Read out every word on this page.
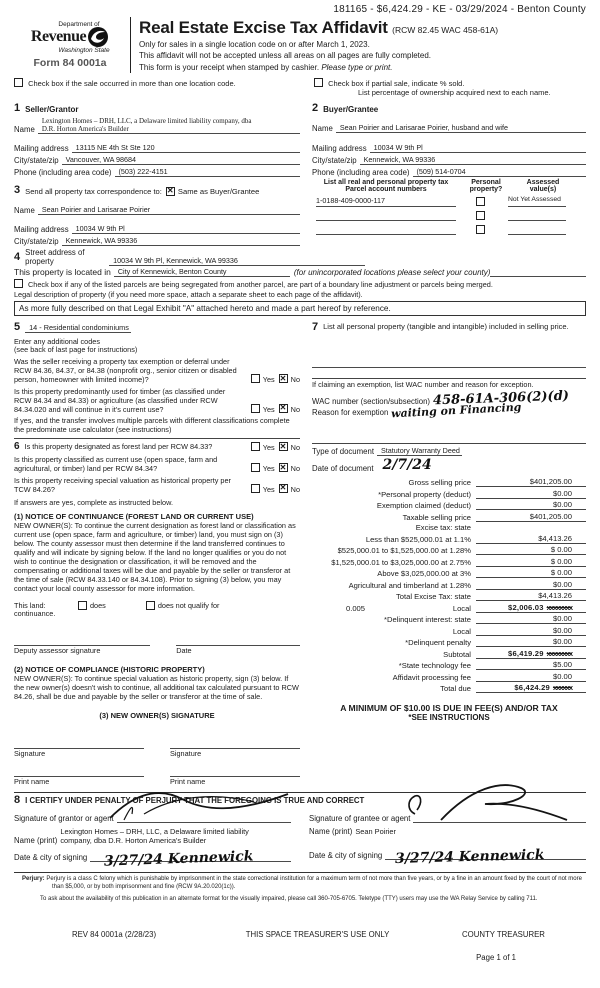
181165 - $6,424.29 - KE - 03/29/2024 - Benton County
Department of
Revenue
Washington State
Form 84 0001a
Real Estate Excise Tax Affidavit (RCW 82.45 WAC 458-61A)
Only for sales in a single location code on or after March 1, 2023.
This affidavit will not be accepted unless all areas on all pages are fully completed.
This form is your receipt when stamped by cashier. Please type or print.
Check box if the sale occurred in more than one location code.	Check box if partial sale, indicate % sold.
List percentage of ownership acquired next to each name.
1 Seller/Grantor
Name
Lexington Homes – DRH, LLC, a Delaware limited liability company, dba
D.R. Horton America's Builder
Mailing address 13115 NE 4th St Ste 120
City/state/zip Vancouver, WA 98684
Phone (including area code) (503) 222-4151
3 Send all property tax correspondence to: ✕ Same as Buyer/Grantee
Name Sean Poirier and Larisarae Poirier
Mailing address 10034 W 9th Pl
City/state/zip Kennewick, WA 99336
2 Buyer/Grantee
Name Sean Poirier and Larisarae Poirier, husband and wife
Mailing address 10034 W 9th Pl
City/state/zip Kennewick, WA 99336
Phone (including area code) (509) 514-0704
List all real and personal property tax
Parcel account numbers
Personal
property?
Assessed
value(s)
1-0188-409-0000-117	Not Yet Assessed
4 Street address of
property	10034 W 9th Pl, Kennewick, WA 99336
This property is located in City of Kennewick, Benton County	(for unincorporated locations please select your county)
Check box if any of the listed parcels are being segregated from another parcel, are part of a boundary line adjustment or parcels being merged.
Legal description of property (if you need more space, attach a separate sheet to each page of the affidavit).
As more fully described on that Legal Exhibit "A" attached hereto and made a part hereof by reference.
5	14 - Residential condominiums
Enter any additional codes
(see back of last page for instructions)
Was the seller receiving a property tax exemption or deferral under RCW 84.36, 84.37, or 84.38 (nonprofit org., senior citizen or disabled person, homeowner with limited income)?	Yes ✕ No
Is this property predominantly used for timber (as classified under RCW 84.34 and 84.33) or agriculture (as classified under RCW 84.34.020 and will continue in it's current use?	Yes ✕ No
If yes, and the transfer involves multiple parcels with different classifications complete the predominate use calculator (see instructions)
6 Is this property designated as forest land per RCW 84.33?	Yes ✕ No
Is this property classified as current use (open space, farm and agricultural, or timber) land per RCW 84.34?	Yes ✕ No
Is this property receiving special valuation as historical property per TCW 84.26?	Yes ✕ No
If answers are yes, complete as instructed below.
(1) NOTICE OF CONTINUANCE (FOREST LAND OR CURRENT USE)
NEW OWNER(S): To continue the current designation as forest land or classification as current use (open space, farm and agriculture, or timber) land, you must sign on (3) below. The county assessor must then determine if the land transferred continues to qualify and will indicate by signing below. If the land no longer qualifies or you do not wish to continue the designation or classification, it will be removed and the compensating or additional taxes will be due and payable by the seller or transferor at the time of sale (RCW 84.33.140 or 84.34.108). Prior to signing (3) below, you may contact your local county assessor for more information.
This land:	does	does not qualify for
continuance.
Deputy assessor signature	Date
(2) NOTICE OF COMPLIANCE (HISTORIC PROPERTY)
NEW OWNER(S): To continue special valuation as historic property, sign (3) below. If the new owner(s) doesn't wish to continue, all additional tax calculated pursuant to RCW 84.26, shall be due and payable by the seller or transferor at the time of sale.
(3) NEW OWNER(S) SIGNATURE
Signature	Signature
Print name	Print name
7 List all personal property (tangible and intangible) included in selling price.
If claiming an exemption, list WAC number and reason for exception.
WAC number (section/subsection) 458-61A-306(2)(d)
Reason for exemption waiting on Financing
Type of document Statutory Warranty Deed
Date of document 2/7/24
Gross selling price	$401,205.00
*Personal property (deduct)	$0.00
Exemption claimed (deduct)	$0.00
Taxable selling price	$401,205.00
Excise tax: state
Less than $525,000.01 at 1.1%	$4,413.26
$525,000.01 to $1,525,000.00 at 1.28%	$ 0.00
$1,525,000.01 to $3,025,000.00 at 2.75%	$ 0.00
Above $3,025,000.00 at 3%	$ 0.00
Agricultural and timberland at 1.28%	$0.00
Total Excise Tax: state	$4,413.26
0.005	Local	$2,006.03 xxxxxxxx
*Delinquent interest: state	$0.00
Local	$0.00
*Delinquent penalty	$0.00
Subtotal	$6,419.29 xxxxxxxx
*State technology fee	$5.00
Affidavit processing fee	$0.00
Total due	$6,424.29 xxxxxx
A MINIMUM OF $10.00 IS DUE IN FEE(S) AND/OR TAX
*SEE INSTRUCTIONS
8 I CERTIFY UNDER PENALTY OF PERJURY THAT THE FOREGOING IS TRUE AND CORRECT
Signature of grantor or agent
Name (print)
Lexington Homes – DRH, LLC, a Delaware limited liability
company, dba D.R. Horton America's Builder
Date & city of signing	3/27/24 Kennewick
Signature of grantee or agent
Name (print) Sean Poirier
Date & city of signing 3/27/24 Kennewick

Perjury: Perjury is a class C felony which is punishable by imprisonment in the state correctional institution for a maximum term of not more than five years, or by a fine in an amount fixed by the court of not more than $5,000, or by both imprisonment and fine (RCW 9A.20.020(1c)).

To ask about the availability of this publication in an alternate format for the visually impaired, please call 360-705-6705. Teletype (TTY) users may use the WA Relay Service by calling 711.

REV 84 0001a (2/28/23)	THIS SPACE TREASURER'S USE ONLY	COUNTY TREASURER
Page 1 of 1
